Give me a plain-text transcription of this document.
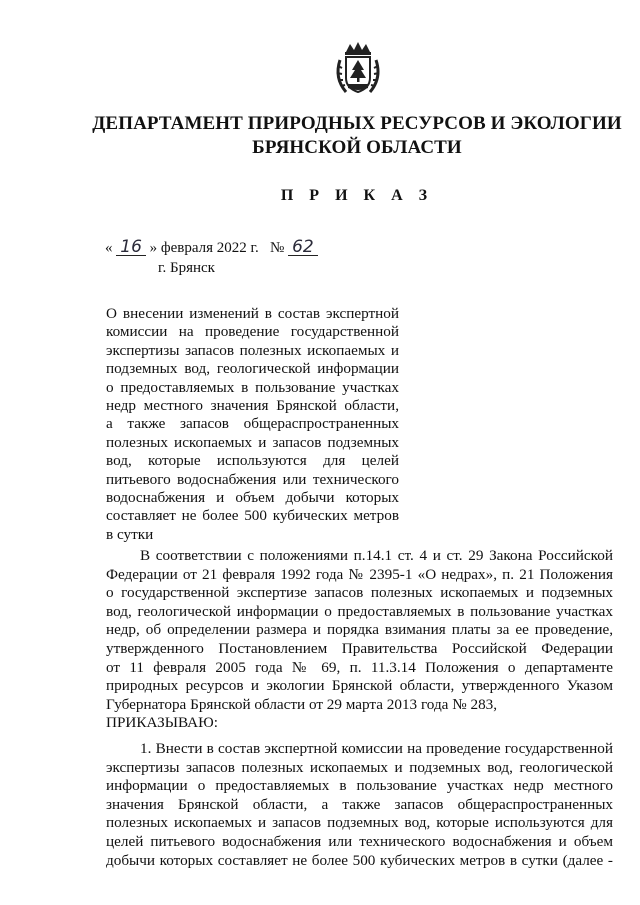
ДЕПАРТАМЕНТ ПРИРОДНЫХ РЕСУРСОВ И ЭКОЛОГИИ
БРЯНСКОЙ ОБЛАСТИ
П Р И К А З
« 16 » февраля 2022 г. № 62
г. Брянск
О внесении изменений в состав экспертной
комиссии на проведение государственной
экспертизы запасов полезных ископаемых и
подземных вод, геологической информации
о предоставляемых в пользование участках
недр местного значения Брянской области,
а также запасов общераспространенных
полезных ископаемых и запасов подземных
вод, которые используются для целей
питьевого водоснабжения или технического
водоснабжения и объем добычи которых
составляет не более 500 кубических метров
в сутки
В соответствии с положениями п.14.1 ст. 4 и ст. 29 Закона Российской
Федерации от 21 февраля 1992 года № 2395-1 «О недрах», п. 21 Положения
о государственной экспертизе запасов полезных ископаемых и подземных
вод, геологической информации о предоставляемых в пользование участках
недр, об определении размера и порядка взимания платы за ее проведение,
утвержденного Постановлением Правительства Российской Федерации
от 11 февраля 2005 года № 69, п. 11.3.14 Положения о департаменте
природных ресурсов и экологии Брянской области, утвержденного Указом
Губернатора Брянской области от 29 марта 2013 года № 283,
ПРИКАЗЫВАЮ:
1. Внести в состав экспертной комиссии на проведение государственной
экспертизы запасов полезных ископаемых и подземных вод, геологической
информации о предоставляемых в пользование участках недр местного
значения Брянской области, а также запасов общераспространенных
полезных ископаемых и запасов подземных вод, которые используются для
целей питьевого водоснабжения или технического водоснабжения и объем
добычи которых составляет не более 500 кубических метров в сутки (далее -
